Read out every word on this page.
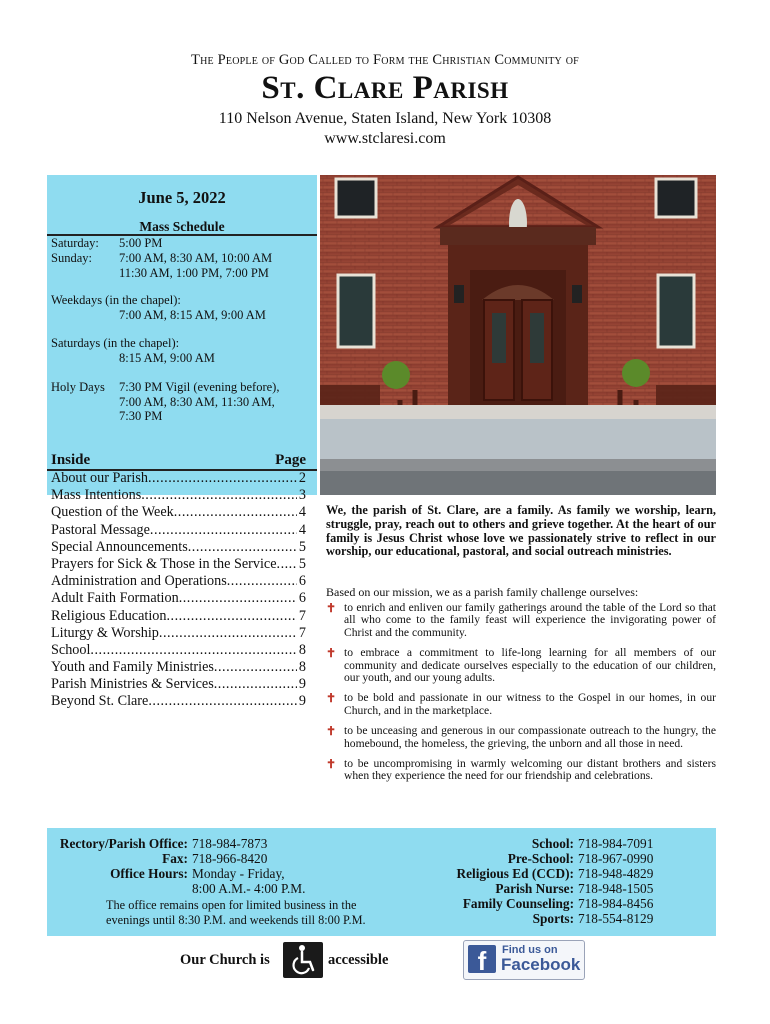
The People of God Called to Form the Christian Community of
St. Clare Parish
110 Nelson Avenue, Staten Island, New York 10308
www.stclaresi.com
June 5, 2022
Mass Schedule
Saturday: 5:00 PM
Sunday: 7:00 AM, 8:30 AM, 10:00 AM
11:30 AM, 1:00 PM, 7:00 PM
Weekdays (in the chapel):
7:00 AM, 8:15 AM, 9:00 AM
Saturdays (in the chapel):
8:15 AM, 9:00 AM
Holy Days 7:30 PM Vigil (evening before),
7:00 AM, 8:30 AM, 11:30 AM,
7:30 PM
Inside	Page
About our Parish .....	2
Mass Intentions .....	3
Question of the Week .....	4
Pastoral Message .....	4
Special Announcements .....	5
Prayers for Sick & Those in the Service ..... 5
Administration and Operations .....	6
Adult Faith Formation .....	6
Religious Education .....	7
Liturgy & Worship .....	7
School .....	8
Youth and Family Ministries .....	8
Parish Ministries & Services .....	9
Beyond St. Clare .....	9
We, the parish of St. Clare, are a family. As family we worship, learn, struggle, pray, reach out to others and grieve together. At the heart of our family is Jesus Christ whose love we passionately strive to reflect in our worship, our educational, pastoral, and social outreach ministries.
Based on our mission, we as a parish family challenge ourselves:
✝ to enrich and enliven our family gatherings around the table of the Lord so that all who come to the family feast will experience the invigorating power of Christ and the community.
✝ to embrace a commitment to life-long learning for all members of our community and dedicate ourselves especially to the education of our children, our youth, and our young adults.
✝ to be bold and passionate in our witness to the Gospel in our homes, in our Church, and in the marketplace.
✝ to be unceasing and generous in our compassionate outreach to the hungry, the homebound, the homeless, the grieving, the unborn and all those in need.
✝ to be uncompromising in warmly welcoming our distant brothers and sisters when they experience the need for our friendship and celebrations.
Rectory/Parish Office: 718-984-7873
Fax: 718-966-8420
Office Hours: Monday - Friday,
8:00 A.M.- 4:00 P.M.
The office remains open for limited business in the
evenings until 8:30 P.M. and weekends till 8:00 P.M.
School: 718-984-7091
Pre-School: 718-967-0990
Religious Ed (CCD): 718-948-4829
Parish Nurse: 718-948-1505
Family Counseling: 718-984-8456
Sports: 718-554-8129
Our Church is	accessible	f	Find us on
Facebook
